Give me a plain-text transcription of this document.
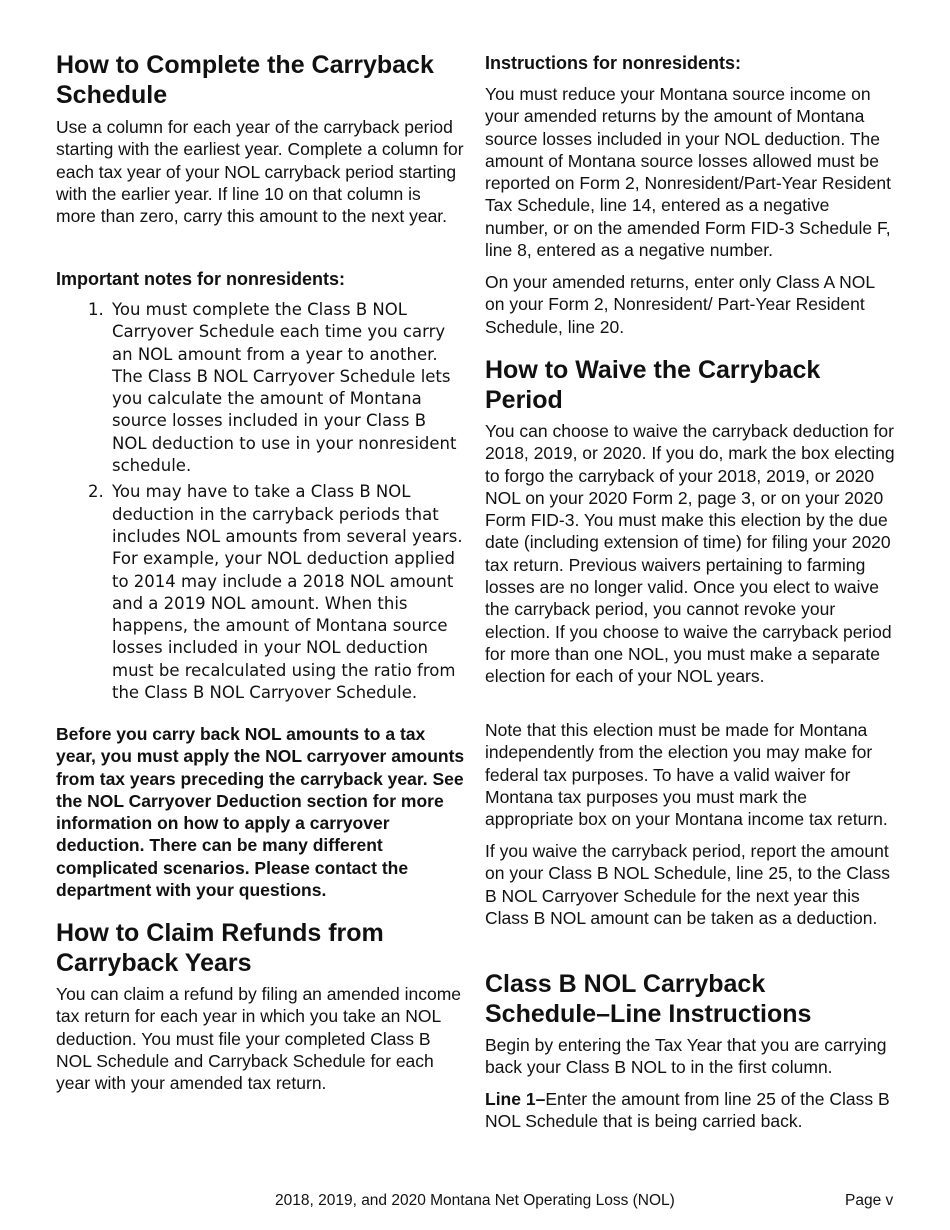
How to Complete the Carryback Schedule

Use a column for each year of the carryback period starting with the earliest year. Complete a column for each tax year of your NOL carryback period starting with the earlier year. If line 10 on that column is more than zero, carry this amount to the next year.

Important notes for nonresidents:
1. You must complete the Class B NOL Carryover Schedule each time you carry an NOL amount from a year to another. The Class B NOL Carryover Schedule lets you calculate the amount of Montana source losses included in your Class B NOL deduction to use in your nonresident schedule.
2. You may have to take a Class B NOL deduction in the carryback periods that includes NOL amounts from several years. For example, your NOL deduction applied to 2014 may include a 2018 NOL amount and a 2019 NOL amount. When this happens, the amount of Montana source losses included in your NOL deduction must be recalculated using the ratio from the Class B NOL Carryover Schedule.

Before you carry back NOL amounts to a tax year, you must apply the NOL carryover amounts from tax years preceding the carryback year. See the NOL Carryover Deduction section for more information on how to apply a carryover deduction. There can be many different complicated scenarios. Please contact the department with your questions.

How to Claim Refunds from Carryback Years

You can claim a refund by filing an amended income tax return for each year in which you take an NOL deduction. You must file your completed Class B NOL Schedule and Carryback Schedule for each year with your amended tax return.

Instructions for nonresidents:

You must reduce your Montana source income on your amended returns by the amount of Montana source losses included in your NOL deduction. The amount of Montana source losses allowed must be reported on Form 2, Nonresident/Part-Year Resident Tax Schedule, line 14, entered as a negative number, or on the amended Form FID-3 Schedule F, line 8, entered as a negative number.

On your amended returns, enter only Class A NOL on your Form 2, Nonresident/ Part-Year Resident Schedule, line 20.

How to Waive the Carryback Period

You can choose to waive the carryback deduction for 2018, 2019, or 2020. If you do, mark the box electing to forgo the carryback of your 2018, 2019, or 2020 NOL on your 2020 Form 2, page 3, or on your 2020 Form FID-3. You must make this election by the due date (including extension of time) for filing your 2020 tax return. Previous waivers pertaining to farming losses are no longer valid. Once you elect to waive the carryback period, you cannot revoke your election. If you choose to waive the carryback period for more than one NOL, you must make a separate election for each of your NOL years.

Note that this election must be made for Montana independently from the election you may make for federal tax purposes. To have a valid waiver for Montana tax purposes you must mark the appropriate box on your Montana income tax return.

If you waive the carryback period, report the amount on your Class B NOL Schedule, line 25, to the Class B NOL Carryover Schedule for the next year this Class B NOL amount can be taken as a deduction.

Class B NOL Carryback Schedule–Line Instructions

Begin by entering the Tax Year that you are carrying back your Class B NOL to in the first column.

Line 1–Enter the amount from line 25 of the Class B NOL Schedule that is being carried back.

2018, 2019, and 2020 Montana Net Operating Loss (NOL)	Page v
